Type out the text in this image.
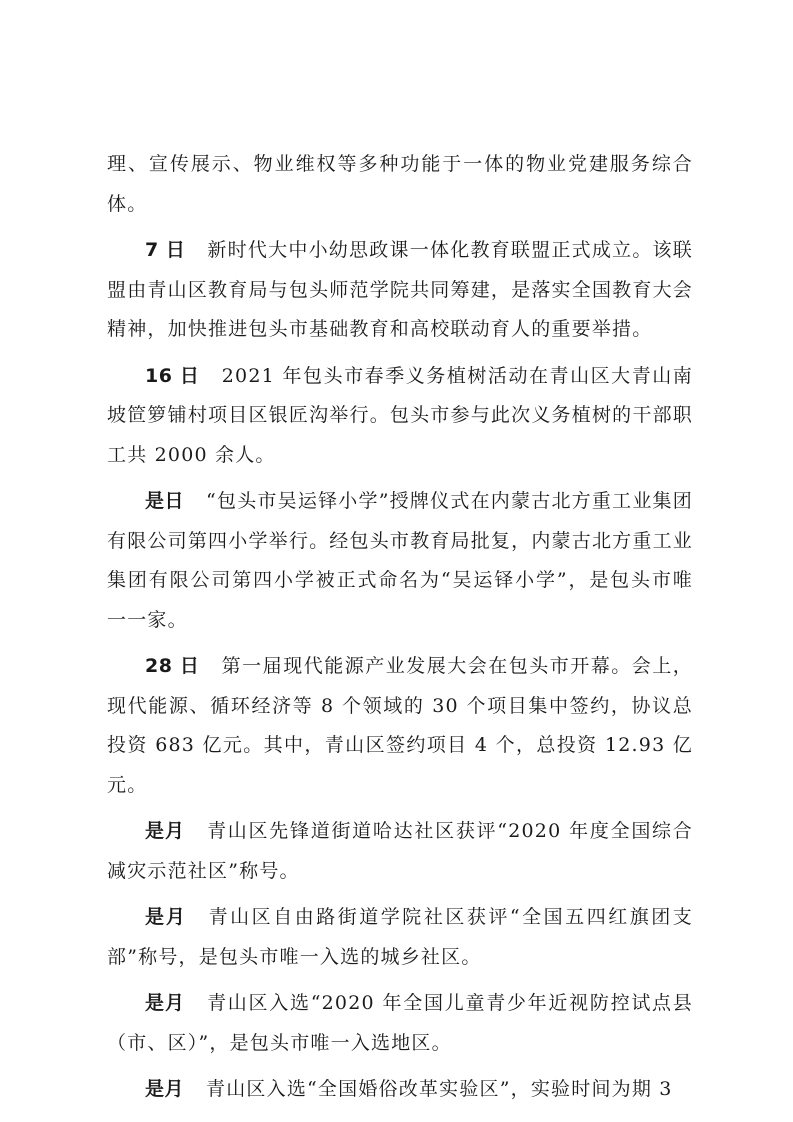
理、宣传展示、物业维权等多种功能于一体的物业党建服务综合体。

7 日 新时代大中小幼思政课一体化教育联盟正式成立。该联盟由青山区教育局与包头师范学院共同筹建，是落实全国教育大会精神，加快推进包头市基础教育和高校联动育人的重要举措。

16 日 2021 年包头市春季义务植树活动在青山区大青山南坡笸箩铺村项目区银匠沟举行。包头市参与此次义务植树的干部职工共 2000 余人。

是日 “包头市吴运铎小学”授牌仪式在内蒙古北方重工业集团有限公司第四小学举行。经包头市教育局批复，内蒙古北方重工业集团有限公司第四小学被正式命名为“吴运铎小学”，是包头市唯一一家。

28 日 第一届现代能源产业发展大会在包头市开幕。会上，现代能源、循环经济等 8 个领域的 30 个项目集中签约，协议总投资 683 亿元。其中，青山区签约项目 4 个，总投资 12.93 亿元。

是月 青山区先锋道街道哈达社区获评“2020 年度全国综合减灾示范社区”称号。

是月 青山区自由路街道学院社区获评“全国五四红旗团支部”称号，是包头市唯一入选的城乡社区。

是月 青山区入选“2020 年全国儿童青少年近视防控试点县（市、区）”，是包头市唯一入选地区。

是月 青山区入选“全国婚俗改革实验区”，实验时间为期 3
